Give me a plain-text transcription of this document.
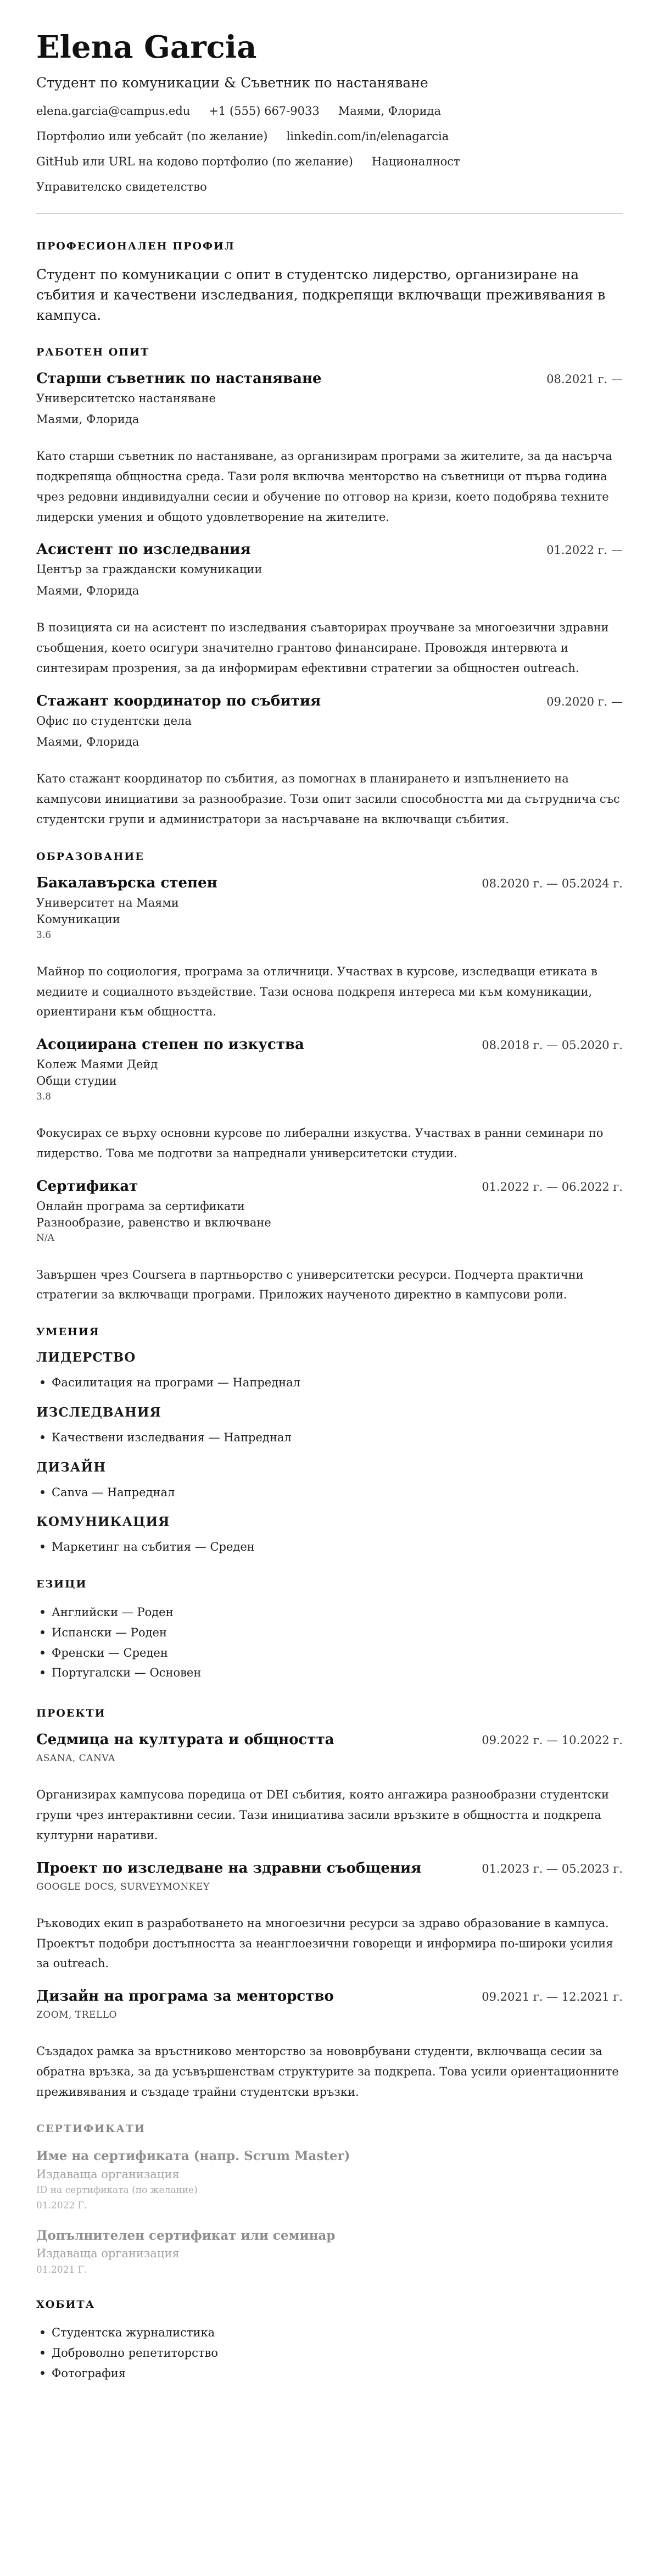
Elena Garcia
Студент по комуникации & Съветник по настаняване
elena.garcia@campus.edu +1 (555) 667-9033 Маями, Флорида
Портфолио или уебсайт (по желание) linkedin.com/in/elenagarcia
GitHub или URL на кодово портфолио (по желание) Националност
Управителско свидетелство
ПРОФЕСИОНАЛЕН ПРОФИЛ
Студент по комуникации с опит в студентско лидерство, организиране на събития и качествени изследвания, подкрепящи включващи преживявания в кампуса.
РАБОТЕН ОПИТ
Старши съветник по настаняване	08.2021 г. —
Университетско настаняване
Маями, Флорида
Като старши съветник по настаняване, аз организирам програми за жителите, за да насърча подкрепяща общностна среда. Тази роля включва менторство на съветници от първа година чрез редовни индивидуални сесии и обучение по отговор на кризи, което подобрява техните лидерски умения и общото удовлетворение на жителите.
Асистент по изследвания	01.2022 г. —
Център за граждански комуникации
Маями, Флорида
В позицията си на асистент по изследвания съавторирах проучване за многоезични здравни съобщения, което осигури значително грантово финансиране. Провождя интервюта и синтезирам прозрения, за да информирам ефективни стратегии за общностен outreach.
Стажант координатор по събития	09.2020 г. —
Офис по студентски дела
Маями, Флорида
Като стажант координатор по събития, аз помогнах в планирането и изпълнението на кампусови инициативи за разнообразие. Този опит засили способността ми да сътруднича със студентски групи и администратори за насърчаване на включващи събития.
ОБРАЗОВАНИЕ
Бакалавърска степен	08.2020 г. — 05.2024 г.
Университет на Маями
Комуникации
3.6
Майнор по социология, програма за отличници. Участвах в курсове, изследващи етиката в медиите и социалното въздействие. Тази основа подкрепя интереса ми към комуникации, ориентирани към общността.
Асоциирана степен по изкуства	08.2018 г. — 05.2020 г.
Колеж Маями Дейд
Общи студии
3.8
Фокусирах се върху основни курсове по либерални изкуства. Участвах в ранни семинари по лидерство. Това ме подготви за напреднали университетски студии.
Сертификат	01.2022 г. — 06.2022 г.
Онлайн програма за сертификати
Разнообразие, равенство и включване
N/A
Завършен чрез Coursera в партньорство с университетски ресурси. Подчерта практични стратегии за включващи програми. Приложих наученото директно в кампусови роли.
УМЕНИЯ
ЛИДЕРСТВО
Фасилитация на програми — Напреднал
ИЗСЛЕДВАНИЯ
Качествени изследвания — Напреднал
ДИЗАЙН
Canva — Напреднал
КОМУНИКАЦИЯ
Маркетинг на събития — Среден
ЕЗИЦИ
Английски — Роден
Испански — Роден
Френски — Среден
Португалски — Основен
ПРОЕКТИ
Седмица на културата и общността	09.2022 г. — 10.2022 г.
ASANA, CANVA
Организирах кампусова поредица от DEI събития, която ангажира разнообразни студентски групи чрез интерактивни сесии. Тази инициатива засили връзките в общността и подкрепа културни наративи.
Проект по изследване на здравни съобщения	01.2023 г. — 05.2023 г.
GOOGLE DOCS, SURVEYMONKEY
Ръководих екип в разработването на многоезични ресурси за здраво образование в кампуса. Проектът подобри достъпността за неанглоезични говорещи и информира по-широки усилия за outreach.
Дизайн на програма за менторство	09.2021 г. — 12.2021 г.
ZOOM, TRELLO
Създадох рамка за връстниково менторство за нововрбувани студенти, включваща сесии за обратна връзка, за да усъвършенствам структурите за подкрепа. Това усили ориентационните преживявания и създаде трайни студентски връзки.
СЕРТИФИКАТИ
Име на сертификата (напр. Scrum Master)
Издаваща организация
ID на сертификата (по желание)
01.2022 Г.
Допълнителен сертификат или семинар
Издаваща организация
01.2021 Г.
ХОБИТА
Студентска журналистика
Доброволно репетиторство
Фотография
